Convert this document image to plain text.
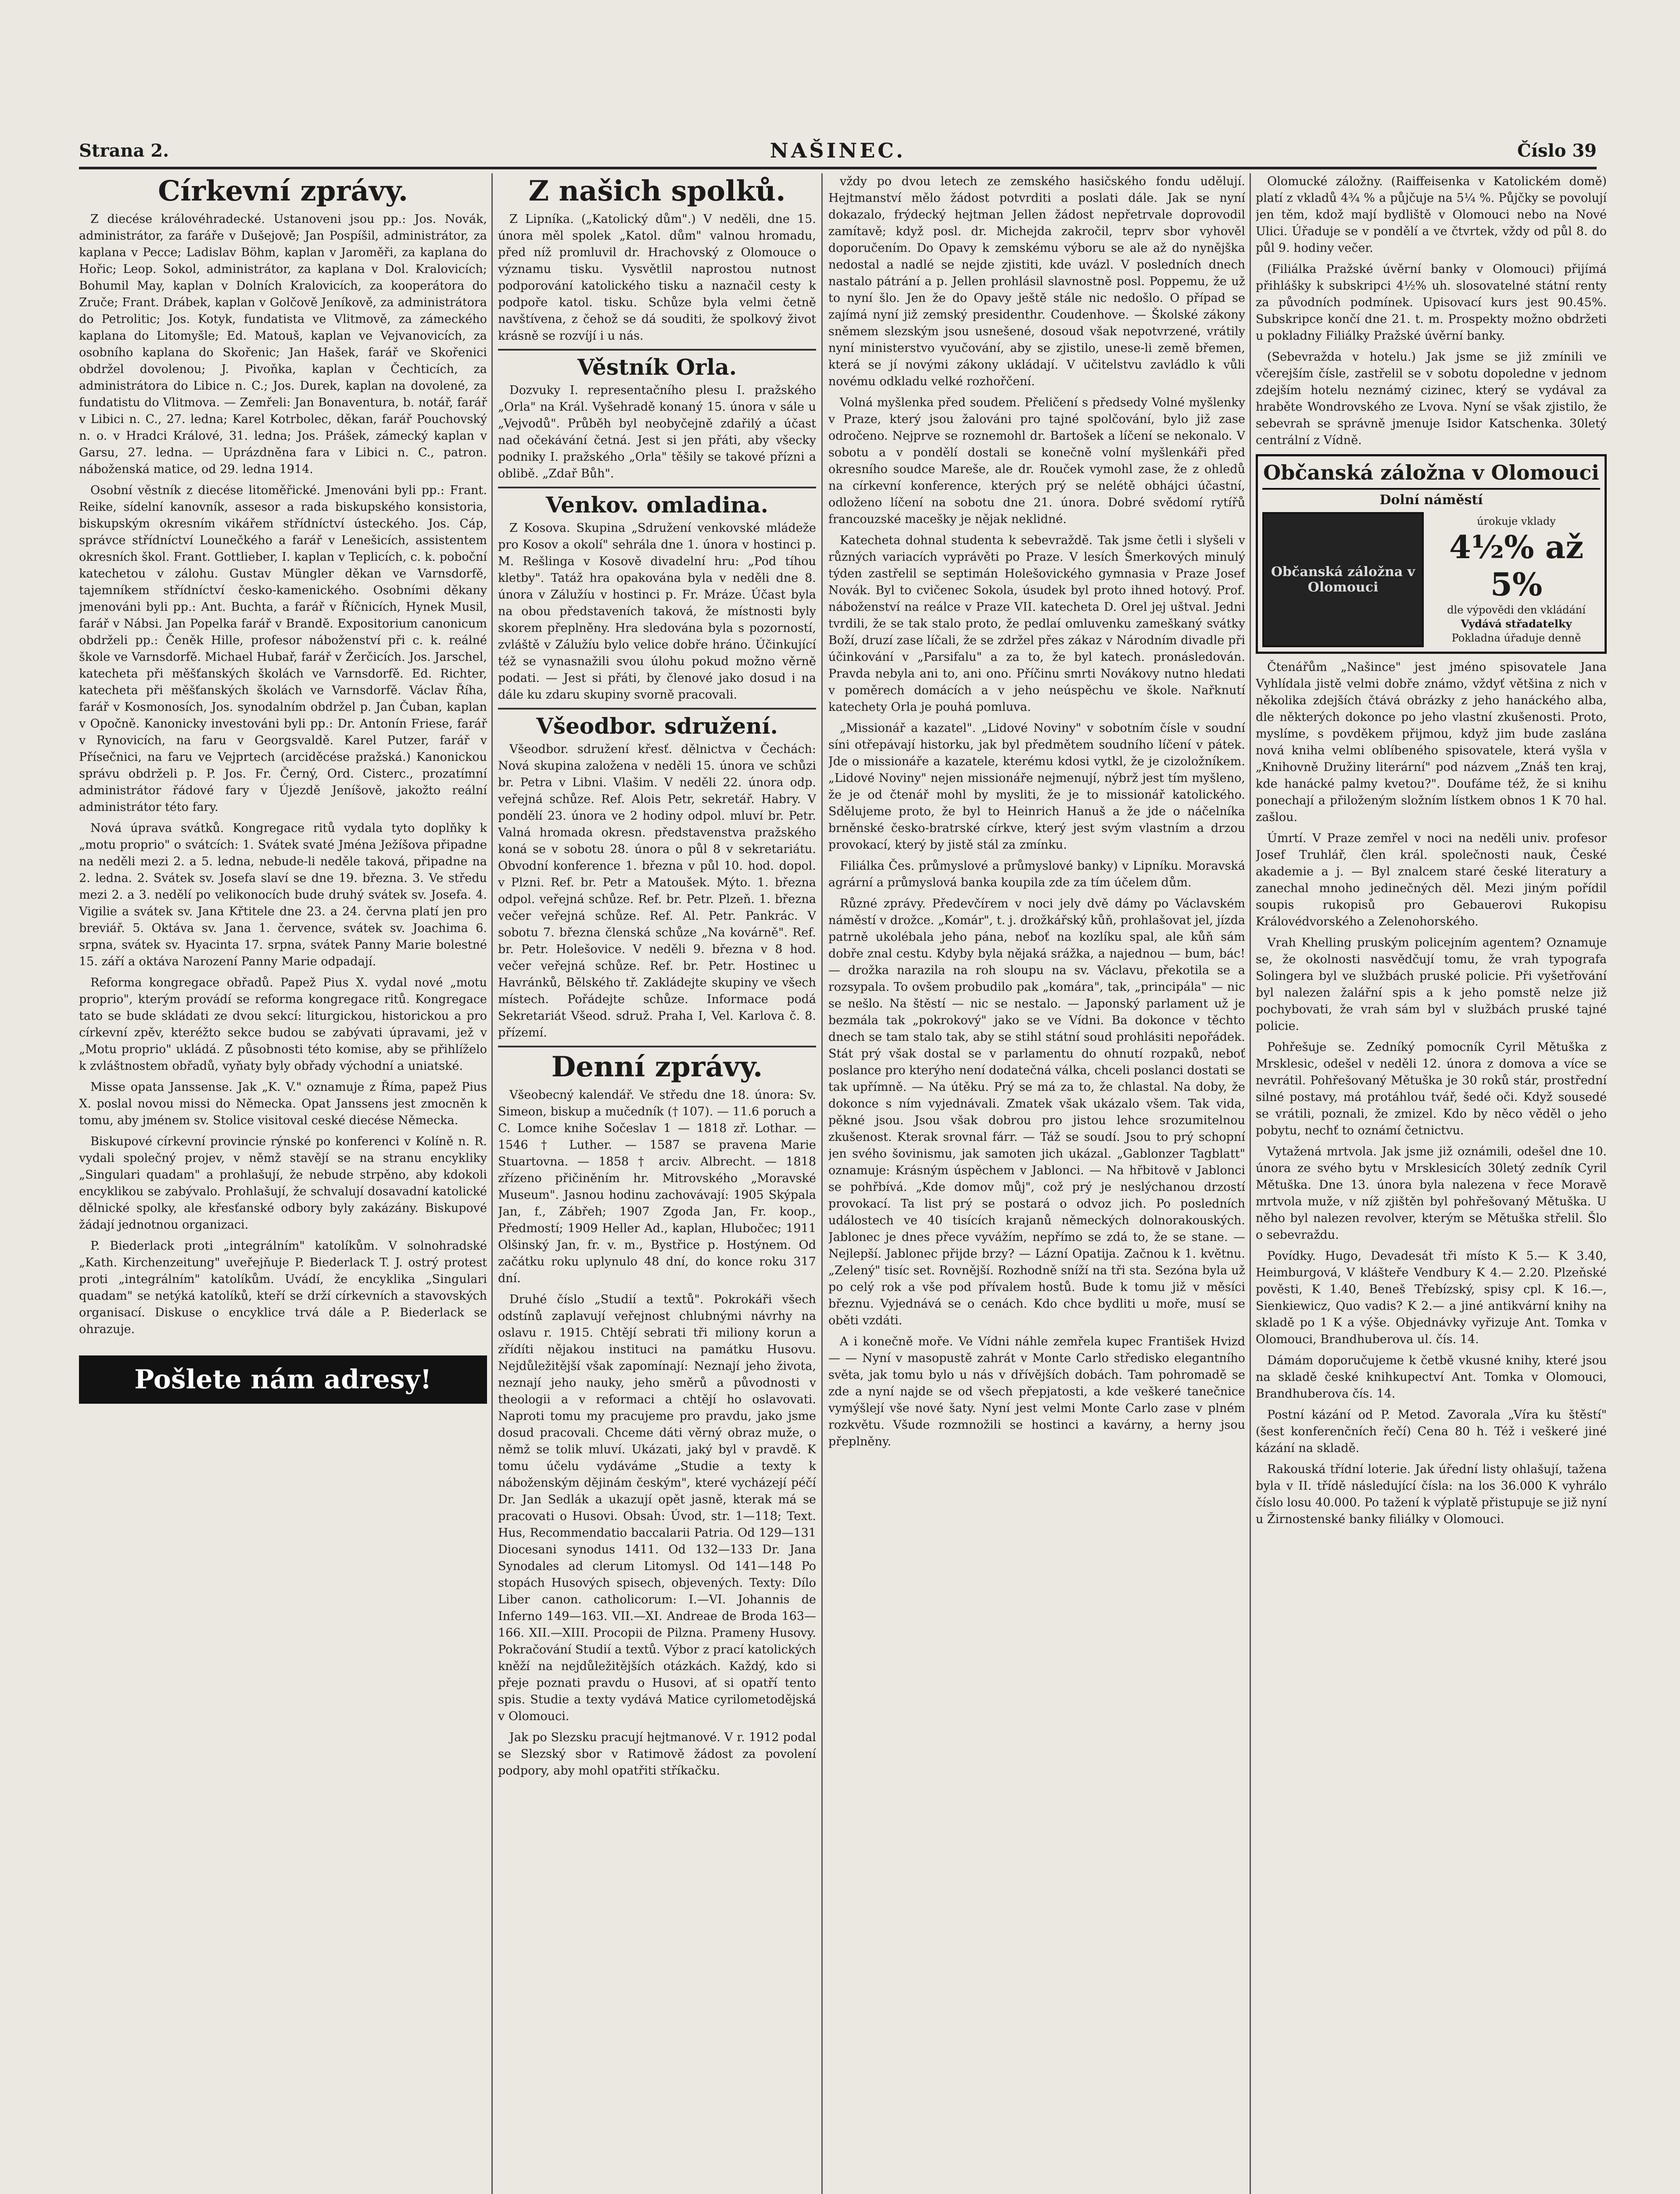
Strana 2.	NAŠINEC.	Číslo 39
Církevní zprávy.

Z diecése královéhradecké. Ustanoveni jsou pp.: Jos. Novák, administrátor, za faráře v Dušejově; Jan Pospíšil, administrátor, za kaplana v Pecce; Ladislav Böhm, kaplan v Jaroměři, za kaplana do Hořic; Leop. Sokol, administrátor, za kaplana v Dol. Kralovicích; Bohumil May, kaplan v Dolních Kralovicích, za kooperátora do Zruče; Frant. Drábek, kaplan v Golčově Jeníkově, za administrátora do Petrolitic; Jos. Kotyk, fundatista ve Vlitmově, za zámeckého kaplana do Litomyšle; Ed. Matouš, kaplan ve Vejvanovicích, za osobního kaplana do Skořenic; Jan Hašek, farář ve Skořenici obdržel dovolenou; J. Pivoňka, kaplan v Čechticích, za administrátora do Libice n. C.; Jos. Durek, kaplan na dovolené, za fundatistu do Vlitmova. — Zemřeli: Jan Bonaventura, b. notář, farář v Libici n. C., 27. ledna; Karel Kotrbolec, děkan, farář Pouchovský n. o. v Hradci Králové, 31. ledna; Jos. Prášek, zámecký kaplan v Garsu, 27. ledna. — Uprázdněna fara v Libici n. C., patron. náboženská matice, od 29. ledna 1914.

Osobní věstník z diecése litoměřické. Jmenováni byli pp.: Frant. Reike, sídelní kanovník, assesor a rada biskupského konsistoria, biskupským okresním vikářem střídníctví ústeckého. Jos. Cáp, správce střídníctví Lounečkého a farář v Lenešicích, assistentem okresních škol. Frant. Gottlieber, I. kaplan v Teplicích, c. k. poboční katechetou v zálohu. Gustav Müngler děkan ve Varnsdorfě, tajemníkem střídníctví česko-kamenického. Osobními děkany jmenováni byli pp.: Ant. Buchta, a farář v Říčnicích, Hynek Musil, farář v Nábsi. Jan Popelka farář v Brandě. Expositorium canonicum obdrželi pp.: Čeněk Hille, profesor náboženství při c. k. reálné škole ve Varnsdorfě. Michael Hubař, farář v Žerčicích. Jos. Jarschel, katecheta při měšťanských školách ve Varnsdorfě. Ed. Richter, katecheta při měšťanských školách ve Varnsdorfě. Václav Říha, farář v Kosmonosích, Jos. synodalním obdržel p. Jan Čuban, kaplan v Opočně. Kanonicky investováni byli pp.: Dr. Antonín Friese, farář v Rynovicích, na faru v Georgsvaldě. Karel Putzer, farář v Přísečnici, na faru ve Vejprtech (arciděcése pražská.) Kanonickou správu obdrželi p. P. Jos. Fr. Černý, Ord. Cisterc., prozatímní administrátor řádové fary v Újezdě Jeníšově, jakožto reální administrátor této fary.

Nová úprava svátků. Kongregace ritů vydala tyto doplňky k „motu proprio" o svátcích: 1. Svátek svaté Jména Ježíšova připadne na neděli mezi 2. a 5. ledna, nebude-li neděle taková, připadne na 2. ledna. 2. Svátek sv. Josefa slaví se dne 19. března. 3. Ve středu mezi 2. a 3. nedělí po velikonocích bude druhý svátek sv. Josefa. 4. Vigilie a svátek sv. Jana Křtitele dne 23. a 24. června platí jen pro breviář. 5. Oktáva sv. Jana 1. července, svátek sv. Joachima 6. srpna, svátek sv. Hyacinta 17. srpna, svátek Panny Marie bolestné 15. září a oktáva Narození Panny Marie odpadají.

Reforma kongregace obřadů. Papež Pius X. vydal nové „motu proprio", kterým provádí se reforma kongregace ritů. Kongregace tato se bude skládati ze dvou sekcí: liturgickou, historickou a pro církevní zpěv, kteréžto sekce budou se zabývati úpravami, jež v „Motu proprio" ukládá. Z působnosti této komise, aby se přihlíželo k zvláštnostem obřadů, vyňaty byly obřady východní a uniatské.

Misse opata Janssense. Jak „K. V." oznamuje z Říma, papež Pius X. poslal novou missi do Německa. Opat Janssens jest zmocněn k tomu, aby jménem sv. Stolice visitoval ceské diecése Německa.

Biskupové církevní provincie rýnské po konferenci v Kolíně n. R. vydali společný projev, v němž stavějí se na stranu encykliky „Singulari quadam" a prohlašují, že nebude strpěno, aby kdokoli encyklikou se zabývalo. Prohlašují, že schvalují dosavadní katolické dělnické spolky, ale křesťanské odbory byly zakázány. Biskupové žádají jednotnou organizaci.

P. Biederlack proti „integrálním" katolíkům. V solnohradské „Kath. Kirchenzeitung" uveřejňuje P. Biederlack T. J. ostrý protest proti „integrálním" katolíkům. Uvádí, že encyklika „Singulari quadam" se netýká katolíků, kteří se drží církevních a stavovských organisací. Diskuse o encyklice trvá dále a P. Biederlack se ohrazuje.

Pošlete nám adresy!
Z našich spolků.

Z Lipníka. („Katolický dům".) V neděli, dne 15. února měl spolek „Katol. dům" valnou hromadu, před níž promluvil dr. Hrachovský z Olomouce o významu tisku. Vysvětlil naprostou nutnost podporování katolického tisku a naznačil cesty k podpoře katol. tisku. Schůze byla velmi četně navštívena, z čehož se dá souditi, že spolkový život krásně se rozvíjí i u nás.

Věstník Orla.

Dozvuky I. representačního plesu I. pražského „Orla" na Král. Vyšehradě konaný 15. února v sále u „Vejvodů". Průběh byl neobyčejně zdařilý a účast nad očekávání četná. Jest si jen přáti, aby všecky podniky I. pražského „Orla" těšily se takové přízni a oblibě. „Zdař Bůh".

Venkov. omladina.

Z Kosova. Skupina „Sdružení venkovské mládeže pro Kosov a okolí" sehrála dne 1. února v hostinci p. M. Rešlinga v Kosově divadelní hru: „Pod tíhou kletby". Tatáž hra opakována byla v neděli dne 8. února v Zálužíu v hostinci p. Fr. Mráze. Účast byla na obou představeních taková, že místnosti byly skorem přeplněny. Hra sledována byla s pozorností, zvláště v Zálužíu bylo velice dobře hráno. Účinkující též se vynasnažili svou úlohu pokud možno věrně podati. — Jest si přáti, by členové jako dosud i na dále ku zdaru skupiny svorně pracovali.

Všeodbor. sdružení.

Všeodbor. sdružení křesť. dělnictva v Čechách: Nová skupina založena v neděli 15. února ve schůzi br. Petra v Libni. Vlašim. V neděli 22. února odp. veřejná schůze. Ref. Alois Petr, sekretář. Habry. V pondělí 23. února ve 2 hodiny odpol. mluví br. Petr. Valná hromada okresn. představenstva pražského koná se v sobotu 28. února o půl 8 v sekretariátu. Obvodní konference 1. března v půl 10. hod. dopol. v Plzni. Ref. br. Petr a Matoušek. Mýto. 1. března odpol. veřejná schůze. Ref. br. Petr. Plzeň. 1. března večer veřejná schůze. Ref. Al. Petr. Pankrác. V sobotu 7. března členská schůze „Na kovárně". Ref. br. Petr. Holešovice. V neděli 9. března v 8 hod. večer veřejná schůze. Ref. br. Petr. Hostinec u Havránků, Bělského tř. Zakládejte skupiny ve všech místech. Pořádejte schůze. Informace podá Sekretariát Všeod. sdruž. Praha I, Vel. Karlova č. 8. přízemí.

Denní zprávy.

Všeobecný kalendář. Ve středu dne 18. února: Sv. Simeon, biskup a mučedník († 107). — 11.6 poruch a C. Lomce knihe Sočeslav 1 — 1818 zř. Lothar. — 1546 † Luther. — 1587 se pravena Marie Stuartovna. — 1858 † arciv. Albrecht. — 1818 zřízeno přičiněním hr. Mitrovského „Moravské Museum". Jasnou hodinu zachovávají: 1905 Skýpala Jan, f., Zábřeh; 1907 Zgoda Jan, Fr. koop., Předmostí; 1909 Heller Ad., kaplan, Hlubočec; 1911 Olšinský Jan, fr. v. m., Bystřice p. Hostýnem. Od začátku roku uplynulo 48 dní, do konce roku 317 dní.

Druhé číslo „Studií a textů". Pokrokáři všech odstínů zaplavují veřejnost chlubnými návrhy na oslavu r. 1915. Chtějí sebrati tři miliony korun a zřídíti nějakou instituci na památku Husovu. Nejdůležitější však zapomínají: Neznají jeho života, neznají jeho nauky, jeho směrů a původnosti v theologii a v reformaci a chtějí ho oslavovati. Naproti tomu my pracujeme pro pravdu, jako jsme dosud pracovali. Chceme dáti věrný obraz muže, o němž se tolik mluví. Ukázati, jaký byl v pravdě. K tomu účelu vydáváme „Studie a texty k náboženským dějinám českým", které vycházejí péčí Dr. Jan Sedlák a ukazují opět jasně, kterak má se pracovati o Husovi. Obsah: Úvod, str. 1—118; Text. Hus, Recommendatio baccalarii Patria. Od 129—131 Diocesani synodus 1411. Od 132—133 Dr. Jana Synodales ad clerum Litomysl. Od 141—148 Po stopách Husových spisech, objevených. Texty: Dílo Liber canon. catholicorum: I.—VI. Johannis de Inferno 149—163. VII.—XI. Andreae de Broda 163—166. XII.—XIII. Procopii de Pilzna. Prameny Husovy. Pokračování Studií a textů. Výbor z prací katolických kněží na nejdůležitějších otázkách. Každý, kdo si přeje poznati pravdu o Husovi, ať si opatří tento spis. Studie a texty vydává Matice cyrilometodějská v Olomouci.

Jak po Slezsku pracují hejtmanové. V r. 1912 podal se Slezský sbor v Ratimově žádost za povolení podpory, aby mohl opatřiti stříkačku.

vždy po dvou letech ze zemského hasičského fondu udělují. Hejtmanství mělo žádost potvrditi a poslati dále. Jak se nyní dokazalo, frýdecký hejtman Jellen žádost nepřetrvale doprovodil zamítavě; když posl. dr. Michejda zakročil, teprv sbor vyhověl doporučením. Do Opavy k zemskému výboru se ale až do nynějška nedostal a nadlé se nejde zjistiti, kde uvázl. V posledních dnech nastalo pátrání a p. Jellen prohlásil slavnostně posl. Poppemu, že už to nyní šlo. Jen že do Opavy ještě stále nic nedošlo. O případ se zajímá nyní již zemský presidenthr. Coudenhove. — Školské zákony sněmem slezským jsou usnešené, dosoud však nepotvrzené, vrátily nyní ministerstvo vyučování, aby se zjistilo, unese-li země břemen, která se jí novými zákony ukládají. V učitelstvu zavládlo k vůli novému odkladu velké rozhořčení.

Volná myšlenka před soudem. Přeličení s předsedy Volné myšlenky v Praze, který jsou žalováni pro tajné spolčování, bylo již zase odročeno. Nejprve se roznemohl dr. Bartošek a líčení se nekonalo. V sobotu a v pondělí dostali se konečně volní myšlenkáři před okresního soudce Mareše, ale dr. Rouček vymohl zase, že z ohledů na církevní konference, kterých prý se nelétě obhájci účastní, odloženo líčení na sobotu dne 21. února. Dobré svědomí rytířů francouzské macešky je nějak neklidné.

Katecheta dohnal studenta k sebevraždě. Tak jsme četli i slyšeli v různých variacích vyprávěti po Praze. V lesích Šmerkových minulý týden zastřelil se septimán Holešovického gymnasia v Praze Josef Novák. Byl to cvičenec Sokola, úsudek byl proto ihned hotový. Prof. náboženství na reálce v Praze VII. katecheta D. Orel jej uštval. Jedni tvrdili, že se tak stalo proto, že pedlaí omluvenku zameškaný svátky Boží, druzí zase líčali, že se zdržel přes zákaz v Národním divadle při účinkování v „Parsifalu" a za to, že byl katech. pronásledován. Pravda nebyla ani to, ani ono. Příčinu smrti Novákovy nutno hledati v poměrech domácích a v jeho neúspěchu ve škole. Nařknutí katechety Orla je pouhá pomluva.

„Missionář a kazatel". „Lidové Noviny" v sobotním čísle v soudní síni otřepávají historku, jak byl předmětem soudního líčení v pátek. Jde o missionáře a kazatele, kterému kdosi vytkl, že je cizoložníkem. „Lidové Noviny" nejen missionáře nejmenují, nýbrž jest tím myšleno, že je od čtenář mohl by mysliti, že je to missionář katolického. Sdělujeme proto, že byl to Heinrich Hanuš a že jde o náčelníka brněnské česko-bratrské církve, který jest svým vlastním a drzou provokací, který by jistě stál za zmínku.

Filiálka Čes. průmyslové a průmyslové banky) v Lipníku. Moravská agrární a průmyslová banka koupila zde za tím účelem dům.

Různé zprávy. Předevčírem v noci jely dvě dámy po Václavském náměstí v drožce. „Komár", t. j. drožkářský kůň, prohlašovat jel, jízda patrně ukolébala jeho pána, neboť na kozlíku spal, ale kůň sám dobře znal cestu. Kdyby byla nějaká srážka, a najednou — bum, bác! — drožka narazila na roh sloupu na sv. Václavu, překotila se a rozsypala. To ovšem probudilo pak „komára", tak, „principála" — nic se nešlo. Na štěstí — nic se nestalo. — Japonský parlament už je bezmála tak „pokrokový" jako se ve Vídni. Ba dokonce v těchto dnech se tam stalo tak, aby se stihl státní soud prohlásiti nepořádek. Stát prý však dostal se v parlamentu do ohnutí rozpaků, neboť poslance pro kterýho není dodatečná válka, chceli poslanci dostati se tak upřímně. — Na útěku. Prý se má za to, že chlastal. Na doby, že dokonce s ním vyjednávali. Zmatek však ukázalo všem. Tak vida, pěkné jsou. Jsou však dobrou pro jistou lehce srozumitelnou zkušenost. Kterak srovnal fárr. — Táž se soudí. Jsou to prý schopní jen svého šovinismu, jak samoten jich ukázal. „Gablonzer Tagblatt" oznamuje: Krásným úspěchem v Jablonci. — Na hřbitově v Jablonci se pohřbívá. „Kde domov můj", což prý je neslýchanou drzostí provokací. Ta list prý se postará o odvoz jich. Po posledních událostech ve 40 tisících krajanů německých dolnorakouských. Jablonec je dnes přece vyvážím, nepřímo se zdá to, že se stane. — Nejlepší. Jablonec přijde brzy? — Lázní Opatija. Začnou k 1. květnu. „Zelený" tisíc set. Rovnější. Rozhodně sníží na tři sta. Sezóna byla už po celý rok a vše pod přívalem hostů. Bude k tomu již v měsíci březnu. Vyjednává se o cenách. Kdo chce bydliti u moře, musí se oběti vzdáti.

A i konečně moře. Ve Vídni náhle zemřela kupec František Hvizd — — Nyní v masopustě zahrát v Monte Carlo středisko elegantního světa, jak tomu bylo u nás v dřívějších dobách. Tam pohromadě se zde a nyní najde se od všech přepjatosti, a kde veškeré tanečnice vymýšlejí vše nové šaty. Nyní jest velmi Monte Carlo zase v plném rozkvětu. Všude rozmnožili se hostinci a kavárny, a herny jsou přeplněny.

Olomucké záložny. (Raiffeisenka v Katolickém domě) platí z vkladů 4¾ % a půjčuje na 5¼ %. Půjčky se povolují jen těm, kdož mají bydliště v Olomouci nebo na Nové Ulici. Úřaduje se v pondělí a ve čtvrtek, vždy od půl 8. do půl 9. hodiny večer.

(Filiálka Pražské úvěrní banky v Olomouci) přijímá přihlášky k subskripci 4½% uh. slosovatelné státní renty za původních podmínek. Upisovací kurs jest 90.45%. Subskripce končí dne 21. t. m. Prospekty možno obdržeti u pokladny Filiálky Pražské úvěrní banky.

(Sebevražda v hotelu.) Jak jsme se již zmínili ve včerejším čísle, zastřelil se v sobotu dopoledne v jednom zdejším hotelu neznámý cizinec, který se vydával za hraběte Wondrovského ze Lvova. Nyní se však zjistilo, že sebevrah se správně jmenuje Isidor Katschenka. 30letý centrální z Vídně.

Občanská záložna v Olomouci
Dolní náměstí
Občanská záložna v Olomouci
úrokuje vklady
4½% až 5%
dle výpovědi den vkládání
Vydává střadatelky
Pokladna úřaduje denně

Čtenářům „Našince" jest jméno spisovatele Jana Vyhlídala jistě velmi dobře známo, vždyť většina z nich v několika zdejších čtává obrázky z jeho hanáckého alba, dle některých dokonce po jeho vlastní zkušenosti. Proto, myslíme, s povděkem přijmou, když jim bude zaslána nová kniha velmi oblíbeného spisovatele, která vyšla v „Knihovně Družiny literární" pod názvem „Znáš ten kraj, kde hanácké palmy kvetou?". Doufáme též, že si knihu ponechají a přiloženým složním lístkem obnos 1 K 70 hal. zašlou.

Úmrtí. V Praze zemřel v noci na neděli univ. profesor Josef Truhlář, člen král. společnosti nauk, České akademie a j. — Byl znalcem staré české literatury a zanechal mnoho jedinečných děl. Mezi jiným pořídil soupis rukopisů pro Gebauerovi Rukopisu Královédvorského a Zelenohorského.

Vrah Khelling pruským policejním agentem? Oznamuje se, že okolnosti nasvědčují tomu, že vrah typografa Solingera byl ve službách pruské policie. Při vyšetřování byl nalezen žalářní spis a k jeho pomstě nelze již pochybovati, že vrah sám byl v službách pruské tajné policie.

Pohřešuje se. Zedníký pomocník Cyril Mětuška z Mrsklesic, odešel v neděli 12. února z domova a více se nevrátil. Pohřešovaný Mětuška je 30 roků stár, prostřední silné postavy, má protáhlou tvář, šedé oči. Když sousedé se vrátili, poznali, že zmizel. Kdo by něco věděl o jeho pobytu, nechť to oznámí četnictvu.

Vytažená mrtvola. Jak jsme již oznámili, odešel dne 10. února ze svého bytu v Mrsklesicích 30letý zedník Cyril Mětuška. Dne 13. února byla nalezena v řece Moravě mrtvola muže, v níž zjištěn byl pohřešovaný Mětuška. U něho byl nalezen revolver, kterým se Mětuška střelil. Šlo o sebevraždu.

Povídky. Hugo, Devadesát tři místo K 5.— K 3.40, Heimburgová, V klášteře Vendbury K 4.— 2.20. Plzeňské pověsti, K 1.40, Beneš Třebízský, spisy cpl. K 16.—, Sienkiewicz, Quo vadis? K 2.— a jiné antikvární knihy na skladě po 1 K a výše. Objednávky vyřizuje Ant. Tomka v Olomouci, Brandhuberova ul. čís. 14.

Dámám doporučujeme k četbě vkusné knihy, které jsou na skladě české knihkupectví Ant. Tomka v Olomouci, Brandhuberova čís. 14.

Postní kázání od P. Metod. Zavorala „Víra ku štěstí" (šest konferenčních řečí) Cena 80 h. Též i veškeré jiné kázání na skladě.

Rakouská třídní loterie. Jak úřední listy ohlašují, tažena byla v II. třídě následující čísla: na los 36.000 K vyhrálo číslo losu 40.000. Po tažení k výplatě přistupuje se již nyní u Žirnostenské banky filiálky v Olomouci.
